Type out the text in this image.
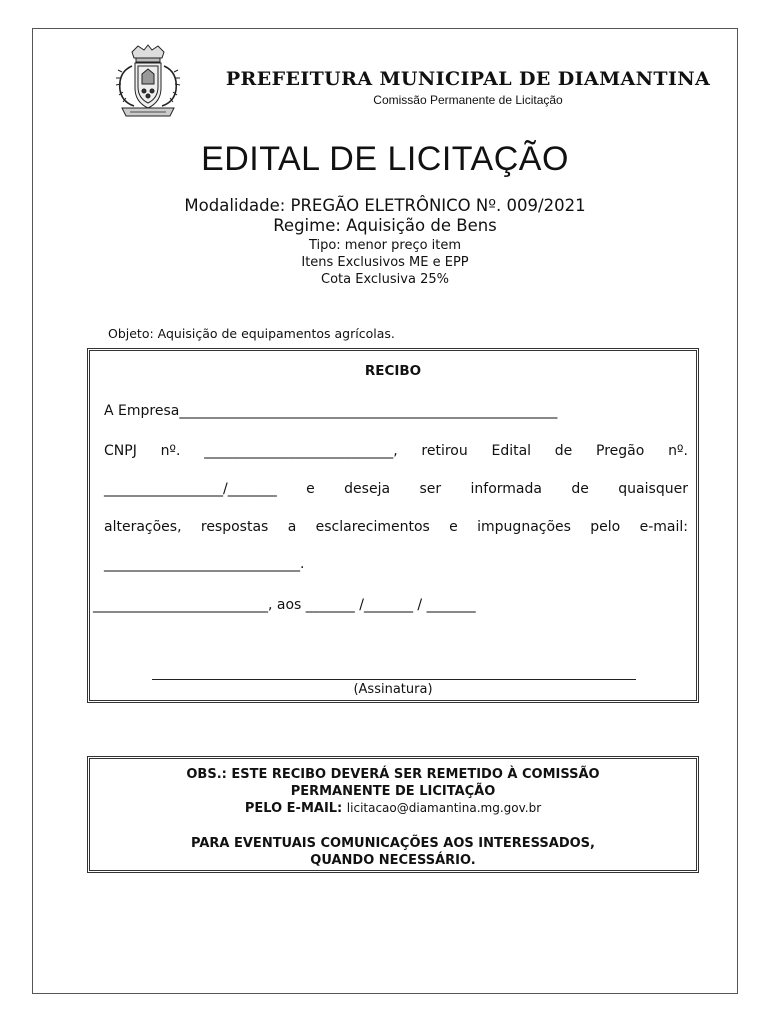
PREFEITURA MUNICIPAL DE DIAMANTINA
Comissão Permanente de Licitação
EDITAL DE LICITAÇÃO
Modalidade: PREGÃO ELETRÔNICO Nº. 009/2021
Regime: Aquisição de Bens
Tipo: menor preço item
Itens Exclusivos ME e EPP
Cota Exclusiva 25%
Objeto: Aquisição de equipamentos agrícolas.
RECIBO
A Empresa______________________________________________________
CNPJ nº. ___________________________, retirou Edital de Pregão nº.
_________________/_______ e deseja ser informada de quaisquer
alterações, respostas a esclarecimentos e impugnações pelo e-mail:
____________________________.
_________________________, aos _______ /_______ / _______
(Assinatura)
OBS.: ESTE RECIBO DEVERÁ SER REMETIDO À COMISSÃO
PERMANENTE DE LICITAÇÃO
PELO E-MAIL: licitacao@diamantina.mg.gov.br
PARA EVENTUAIS COMUNICAÇÕES AOS INTERESSADOS,
QUANDO NECESSÁRIO.
